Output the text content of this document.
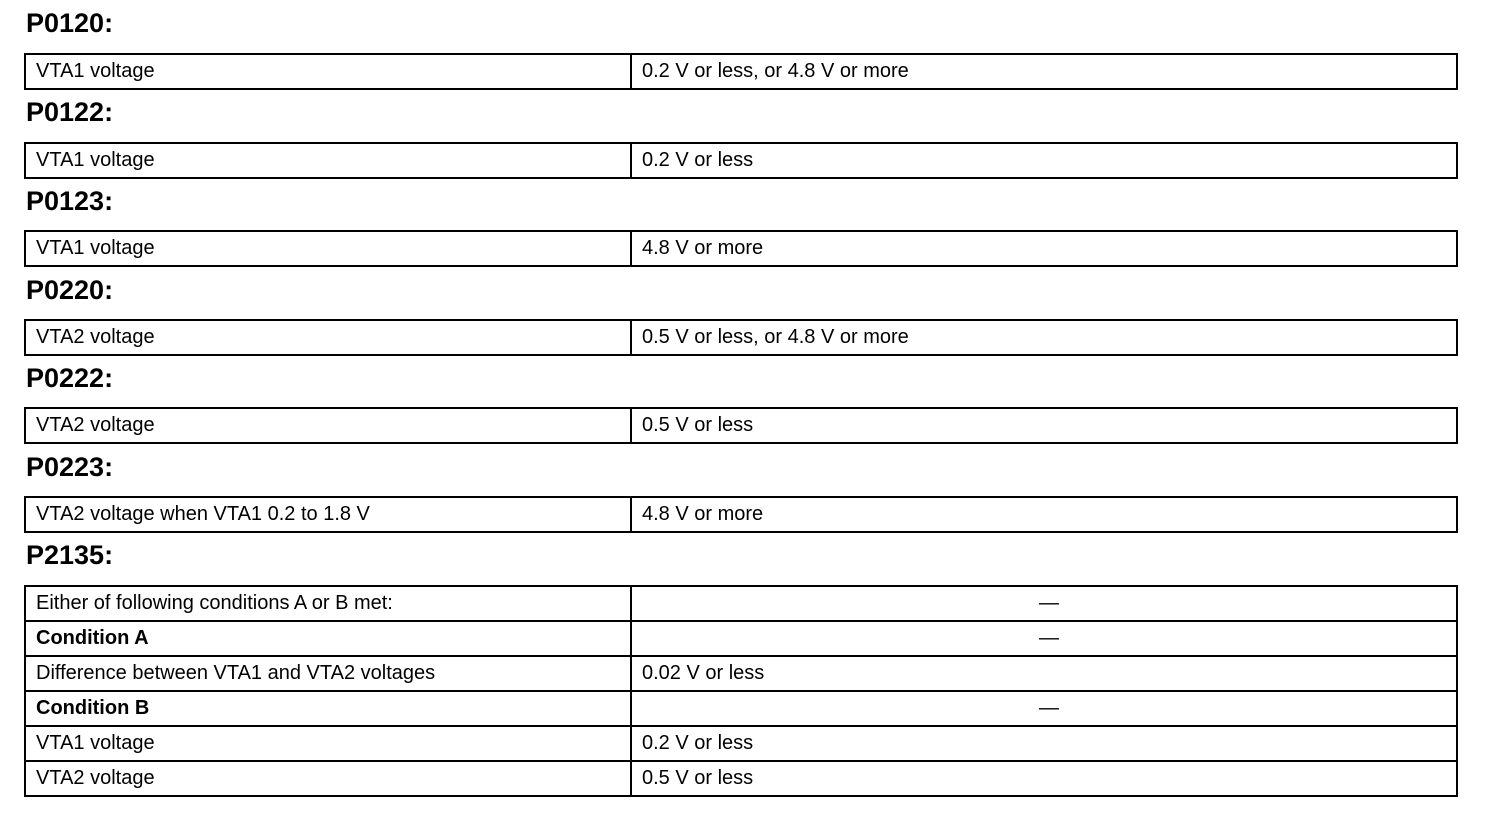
P0120:
VTA1 voltage	0.2 V or less, or 4.8 V or more
P0122:
VTA1 voltage	0.2 V or less
P0123:
VTA1 voltage	4.8 V or more
P0220:
VTA2 voltage	0.5 V or less, or 4.8 V or more
P0222:
VTA2 voltage	0.5 V or less
P0223:
VTA2 voltage when VTA1 0.2 to 1.8 V	4.8 V or more
P2135:
Either of following conditions A or B met:	—
Condition A	—
Difference between VTA1 and VTA2 voltages	0.02 V or less
Condition B	—
VTA1 voltage	0.2 V or less
VTA2 voltage	0.5 V or less
